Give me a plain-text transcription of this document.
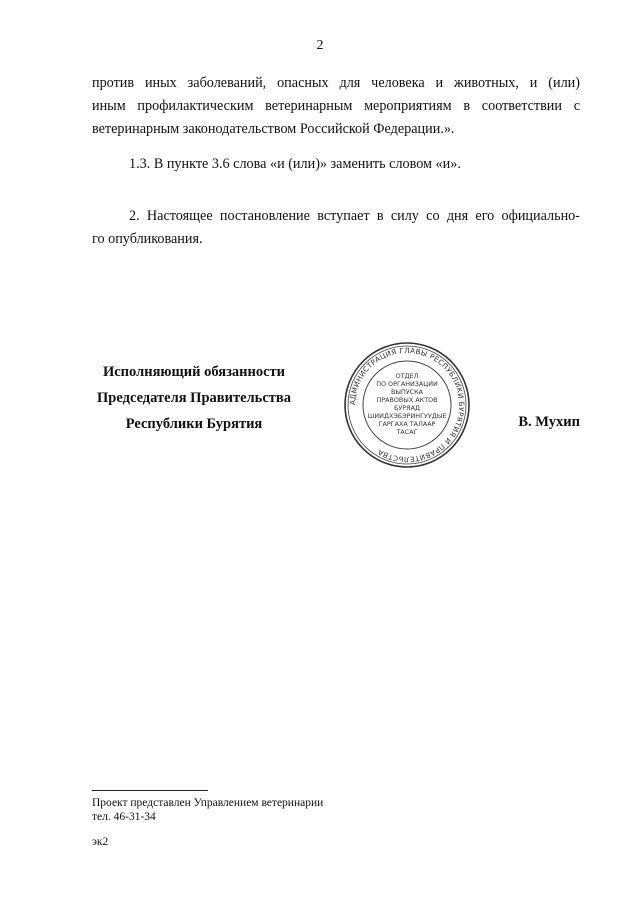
2

против иных заболеваний, опасных для человека и животных, и (или)
иным профилактическим ветеринарным мероприятиям в соответствии с
ветеринарным законодательством Российской Федерации.».

1.3. В пункте 3.6 слова «и (или)» заменить словом «и».

2. Настоящее постановление вступает в силу со дня его официально-
го опубликования.

Исполняющий обязанности
Председателя Правительства
Республики Бурятия
АДМИНИСТРАЦИЯ ГЛАВЫ РЕСПУБЛИКИ БУРЯТИЯ И ПРАВИТЕЛЬСТВА
ОТДЕЛ
ПО ОРГАНИЗАЦИИ
ВЫПУСКА
ПРАВОВЫХ АКТОВ
БУРЯАД
ШИИДХЭБЭРИНГУУДЫЕ
ГАРГАХА ТАЛААР
ТАСАГ
В. Мухип
Проект представлен Управлением ветеринарии
тел. 46-31-34
эк2
